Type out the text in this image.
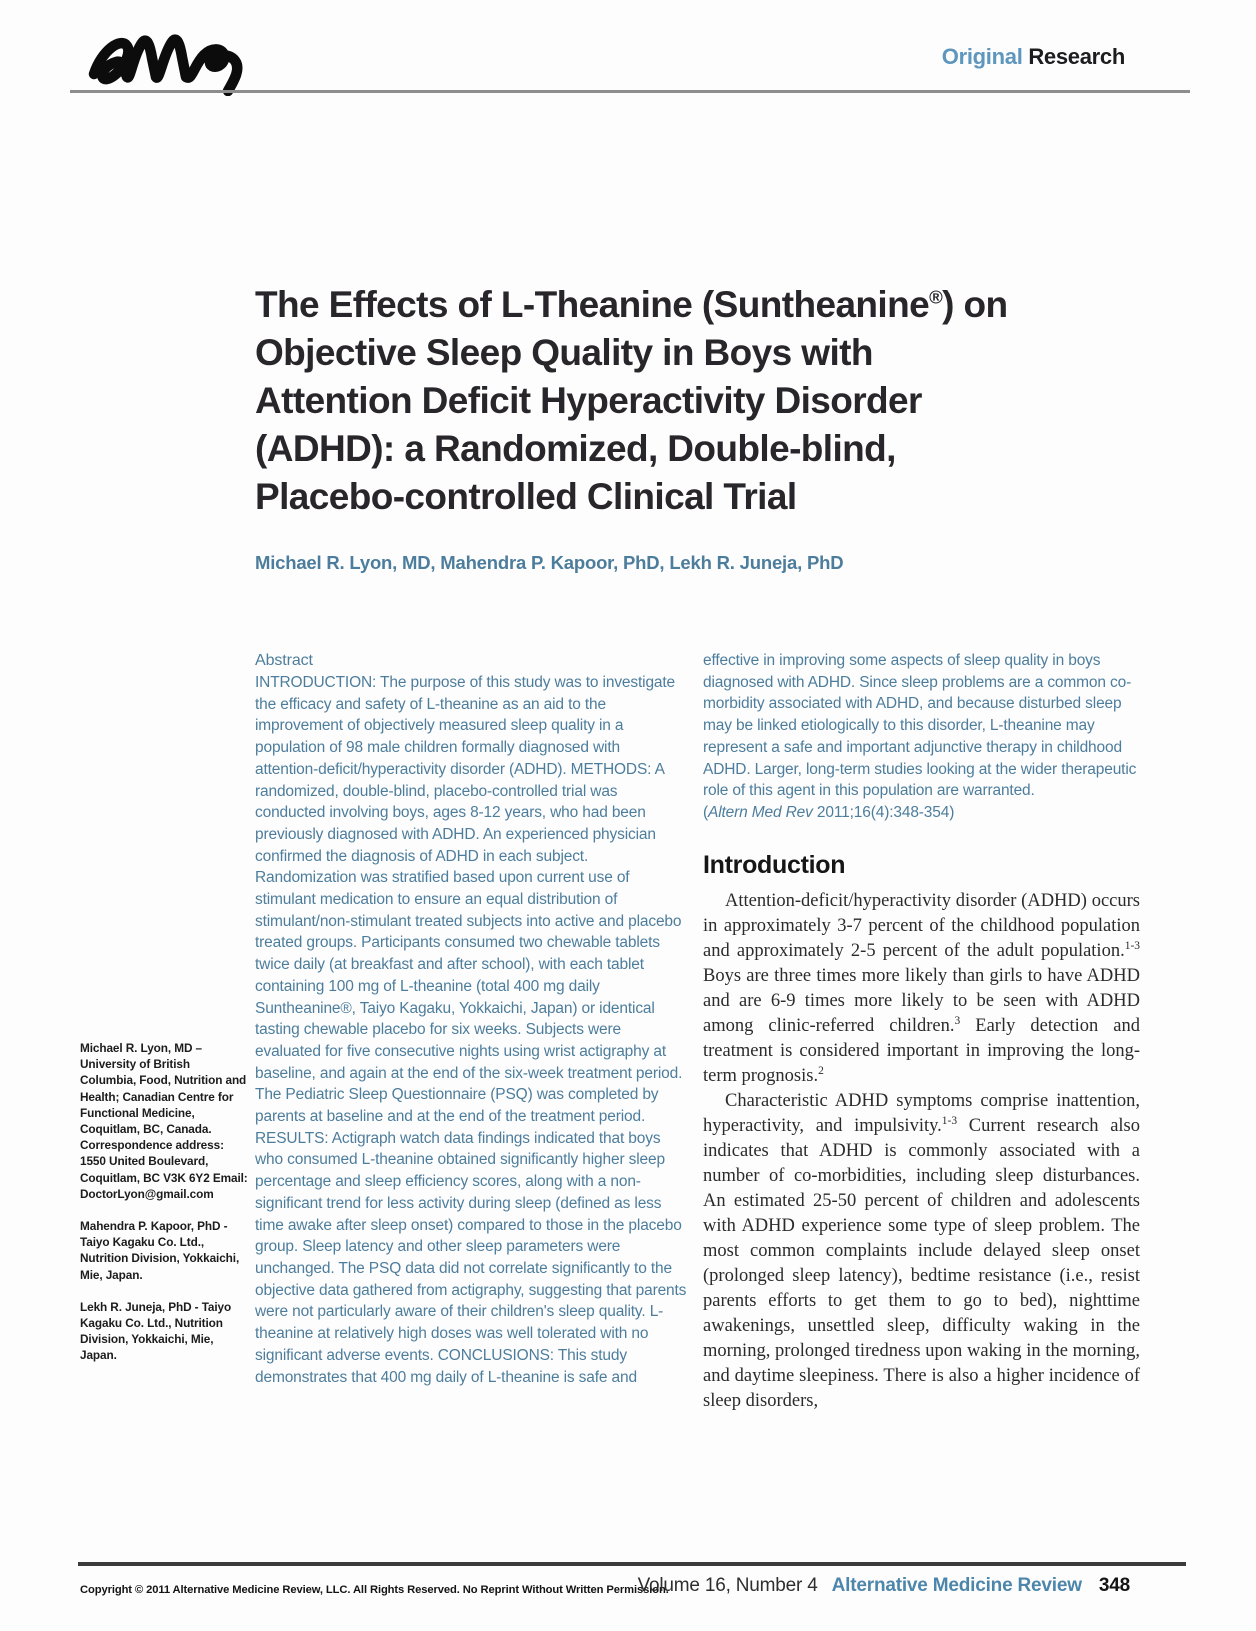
Original Research
The Effects of L-Theanine (Suntheanine®) on
Objective Sleep Quality in Boys with
Attention Deficit Hyperactivity Disorder
(ADHD): a Randomized, Double-blind,
Placebo-controlled Clinical Trial
Michael R. Lyon, MD, Mahendra P. Kapoor, PhD, Lekh R. Juneja, PhD
Abstract
INTRODUCTION: The purpose of this study was to investigate the efficacy and safety of L-theanine as an aid to the improvement of objectively measured sleep quality in a population of 98 male children formally diagnosed with attention-deficit/hyperactivity disorder (ADHD). METHODS: A randomized, double-blind, placebo-controlled trial was conducted involving boys, ages 8-12 years, who had been previously diagnosed with ADHD. An experienced physician confirmed the diagnosis of ADHD in each subject. Randomization was stratified based upon current use of stimulant medication to ensure an equal distribution of stimulant/non-stimulant treated subjects into active and placebo treated groups. Participants consumed two chewable tablets twice daily (at breakfast and after school), with each tablet containing 100 mg of L-theanine (total 400 mg daily Suntheanine®, Taiyo Kagaku, Yokkaichi, Japan) or identical tasting chewable placebo for six weeks. Subjects were evaluated for five consecutive nights using wrist actigraphy at baseline, and again at the end of the six-week treatment period. The Pediatric Sleep Questionnaire (PSQ) was completed by parents at baseline and at the end of the treatment period. RESULTS: Actigraph watch data findings indicated that boys who consumed L-theanine obtained significantly higher sleep percentage and sleep efficiency scores, along with a non-significant trend for less activity during sleep (defined as less time awake after sleep onset) compared to those in the placebo group. Sleep latency and other sleep parameters were unchanged. The PSQ data did not correlate significantly to the objective data gathered from actigraphy, suggesting that parents were not particularly aware of their children's sleep quality. L-theanine at relatively high doses was well tolerated with no significant adverse events. CONCLUSIONS: This study demonstrates that 400 mg daily of L-theanine is safe and
effective in improving some aspects of sleep quality in boys diagnosed with ADHD. Since sleep problems are a common co-morbidity associated with ADHD, and because disturbed sleep may be linked etiologically to this disorder, L-theanine may represent a safe and important adjunctive therapy in childhood ADHD. Larger, long-term studies looking at the wider therapeutic role of this agent in this population are warranted.
(Altern Med Rev 2011;16(4):348-354)
Introduction

Attention-deficit/hyperactivity disorder (ADHD) occurs in approximately 3-7 percent of the childhood population and approximately 2-5 percent of the adult population.$^{1-3}$ Boys are three times more likely than girls to have ADHD and are 6-9 times more likely to be seen with ADHD among clinic-referred children.$^3$ Early detection and treatment is considered important in improving the long-term prognosis.$^2$

Characteristic ADHD symptoms comprise inattention, hyperactivity, and impulsivity.$^{1-3}$ Current research also indicates that ADHD is commonly associated with a number of co-morbidities, including sleep disturbances. An estimated 25-50 percent of children and adolescents with ADHD experience some type of sleep problem. The most common complaints include delayed sleep onset (prolonged sleep latency), bedtime resistance (i.e., resist parents efforts to get them to go to bed), nighttime awakenings, unsettled sleep, difficulty waking in the morning, prolonged tiredness upon waking in the morning, and daytime sleepiness. There is also a higher incidence of sleep disorders,

Michael R. Lyon, MD – University of British Columbia, Food, Nutrition and Health; Canadian Centre for Functional Medicine, Coquitlam, BC, Canada. Correspondence address: 1550 United Boulevard, Coquitlam, BC V3K 6Y2 Email: DoctorLyon@gmail.com

Mahendra P. Kapoor, PhD - Taiyo Kagaku Co. Ltd., Nutrition Division, Yokkaichi, Mie, Japan.

Lekh R. Juneja, PhD - Taiyo Kagaku Co. Ltd., Nutrition Division, Yokkaichi, Mie, Japan.

Copyright © 2011 Alternative Medicine Review, LLC. All Rights Reserved. No Reprint Without Written Permission.
Volume 16, Number 4 Alternative Medicine Review 348
